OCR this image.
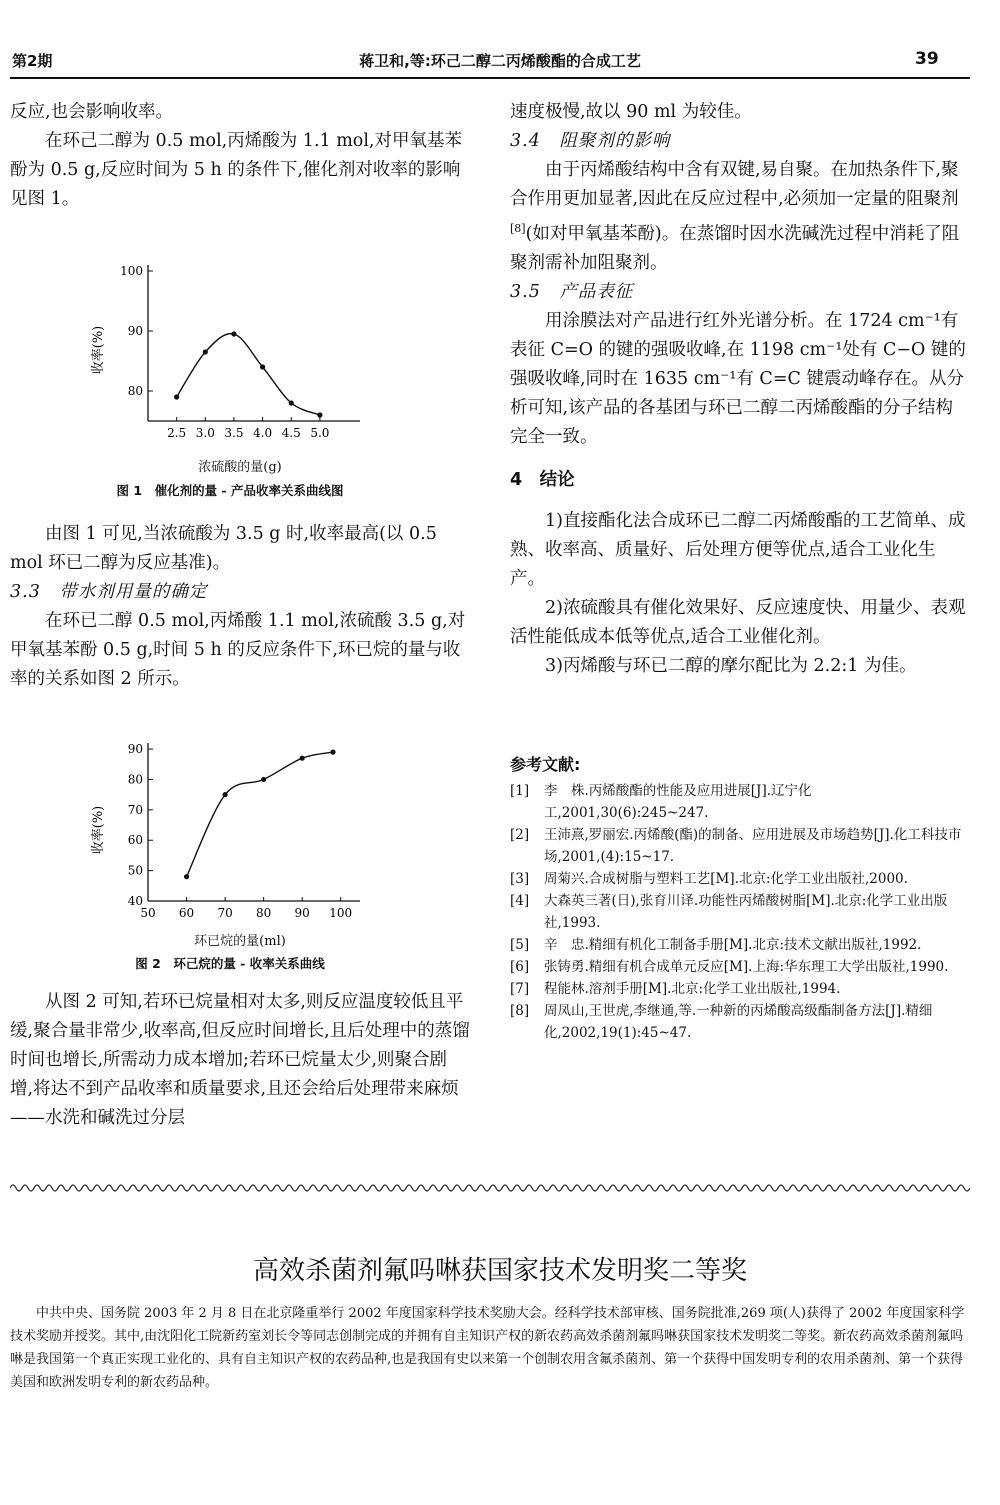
第2期	蒋卫和,等:环己二醇二丙烯酸酯的合成工艺	39

反应,也会影响收率。

在环己二醇为 0.5 mol,丙烯酸为 1.1 mol,对甲氧基苯酚为 0.5 g,反应时间为 5 h 的条件下,催化剂对收率的影响见图 1。

80
90
100
2.5 3.0 3.5 4.0 4.5 5.0
收率(%)
浓硫酸的量(g)
图 1　催化剂的量 - 产品收率关系曲线图

由图 1 可见,当浓硫酸为 3.5 g 时,收率最高(以 0.5 mol 环已二醇为反应基准)。

3.3　带水剂用量的确定

在环已二醇 0.5 mol,丙烯酸 1.1 mol,浓硫酸 3.5 g,对甲氧基苯酚 0.5 g,时间 5 h 的反应条件下,环已烷的量与收率的关系如图 2 所示。

40
50
60
70
80
90
50 60 70 80 90 100
收率(%)
环已烷的量(ml)
图 2　环己烷的量 - 收率关系曲线

从图 2 可知,若环已烷量相对太多,则反应温度较低且平缓,聚合量非常少,收率高,但反应时间增长,且后处理中的蒸馏时间也增长,所需动力成本增加;若环已烷量太少,则聚合剧增,将达不到产品收率和质量要求,且还会给后处理带来麻烦——水洗和碱洗过分层

速度极慢,故以 90 ml 为较佳。

3.4　阻聚剂的影响

由于丙烯酸结构中含有双键,易自聚。在加热条件下,聚合作用更加显著,因此在反应过程中,必须加一定量的阻聚剂[8](如对甲氧基苯酚)。在蒸馏时因水洗碱洗过程中消耗了阻聚剂需补加阻聚剂。

3.5　产品表征

用涂膜法对产品进行红外光谱分析。在 1724 cm⁻¹有表征 C=O 的键的强吸收峰,在 1198 cm⁻¹处有 C−O 键的强吸收峰,同时在 1635 cm⁻¹有 C=C 键震动峰存在。从分析可知,该产品的各基团与环已二醇二丙烯酸酯的分子结构完全一致。

4　结论

1)直接酯化法合成环已二醇二丙烯酸酯的工艺简单、成熟、收率高、质量好、后处理方便等优点,适合工业化生产。

2)浓硫酸具有催化效果好、反应速度快、用量少、表观活性能低成本低等优点,适合工业催化剂。

3)丙烯酸与环已二醇的摩尔配比为 2.2:1 为佳。

参考文献:
[1]	李　株.丙烯酸酯的性能及应用进展[J].辽宁化工,2001,30(6):245~247.
[2]	王沛熹,罗丽宏.丙烯酸(酯)的制备、应用进展及市场趋势[J].化工科技市场,2001,(4):15~17.
[3]	周菊兴.合成树脂与塑料工艺[M].北京:化学工业出版社,2000.
[4]	大森英三著(日),张育川译.功能性丙烯酸树脂[M].北京:化学工业出版社,1993.
[5]	辛　忠.精细有机化工制备手册[M].北京:技术文献出版社,1992.
[6]	张铸勇.精细有机合成单元反应[M].上海:华东理工大学出版社,1990.
[7]	程能林.溶剂手册[M].北京:化学工业出版社,1994.
[8]	周凤山,王世虎,李继通,等.一种新的丙烯酸高级酯制备方法[J].精细化,2002,19(1):45~47.
高效杀菌剂氟吗啉获国家技术发明奖二等奖
中共中央、国务院 2003 年 2 月 8 日在北京隆重举行 2002 年度国家科学技术奖励大会。经科学技术部审核、国务院批准,269 项(人)获得了 2002 年度国家科学技术奖励并授奖。其中,由沈阳化工院新药室刘长令等同志创制完成的并拥有自主知识产权的新农药高效杀菌剂氟吗啉获国家技术发明奖二等奖。新农药高效杀菌剂氟吗啉是我国第一个真正实现工业化的、具有自主知识产权的农药品种,也是我国有史以来第一个创制农用含氟杀菌剂、第一个获得中国发明专利的农用杀菌剂、第一个获得美国和欧洲发明专利的新农药品种。
